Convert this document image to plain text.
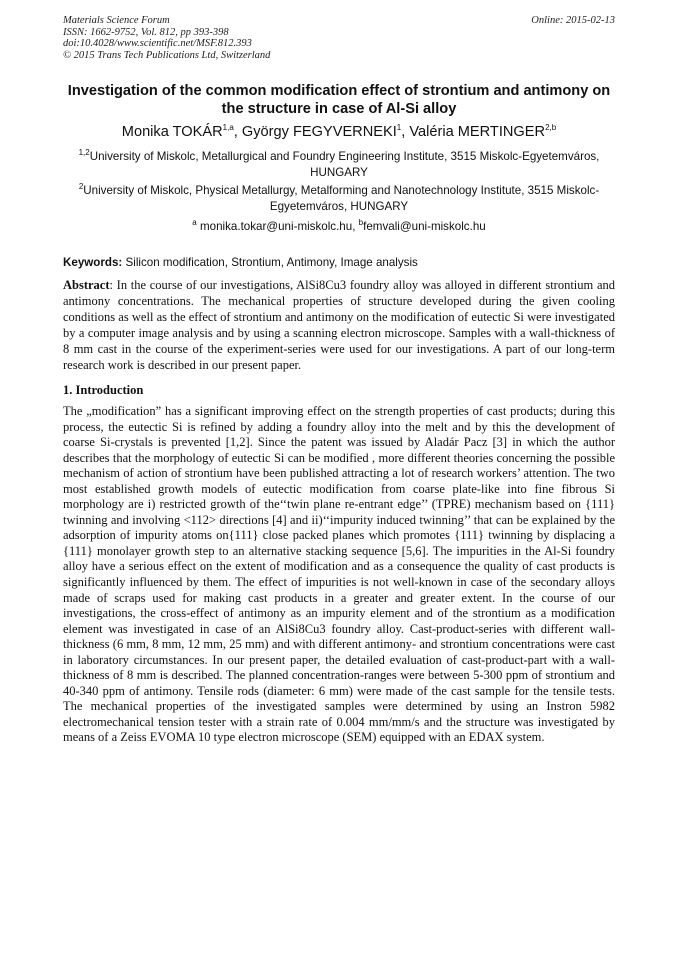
Materials Science Forum
ISSN: 1662-9752, Vol. 812, pp 393-398
doi:10.4028/www.scientific.net/MSF.812.393
© 2015 Trans Tech Publications Ltd, Switzerland
Online: 2015-02-13
Investigation of the common modification effect of strontium and antimony on the structure in case of Al-Si alloy
Monika TOKÁR$^{1,a}$, György FEGYVERNEKI$^1$, Valéria MERTINGER$^{2,b}$
$^{1,2}$University of Miskolc, Metallurgical and Foundry Engineering Institute, 3515 Miskolc-Egyetemváros, HUNGARY
$^2$University of Miskolc, Physical Metallurgy, Metalforming and Nanotechnology Institute, 3515 Miskolc-Egyetemváros, HUNGARY
$^a$ monika.tokar@uni-miskolc.hu, $^b$femvali@uni-miskolc.hu
Keywords: Silicon modification, Strontium, Antimony, Image analysis
Abstract: In the course of our investigations, AlSi8Cu3 foundry alloy was alloyed in different strontium and antimony concentrations. The mechanical properties of structure developed during the given cooling conditions as well as the effect of strontium and antimony on the modification of eutectic Si were investigated by a computer image analysis and by using a scanning electron microscope. Samples with a wall-thickness of 8 mm cast in the course of the experiment-series were used for our investigations. A part of our long-term research work is described in our present paper.
1. Introduction
The „modification” has a significant improving effect on the strength properties of cast products; during this process, the eutectic Si is refined by adding a foundry alloy into the melt and by this the development of coarse Si-crystals is prevented [1,2]. Since the patent was issued by Aladár Pacz [3] in which the author describes that the morphology of eutectic Si can be modified , more different theories concerning the possible mechanism of action of strontium have been published attracting a lot of research workers’ attention. The two most established growth models of eutectic modification from coarse plate-like into fine fibrous Si morphology are i) restricted growth of the‘‘twin plane re-entrant edge’’ (TPRE) mechanism based on {111} twinning and involving <112> directions [4] and ii)‘‘impurity induced twinning’’ that can be explained by the adsorption of impurity atoms on{111} close packed planes which promotes {111} twinning by displacing a {111} monolayer growth step to an alternative stacking sequence [5,6]. The impurities in the Al-Si foundry alloy have a serious effect on the extent of modification and as a consequence the quality of cast products is significantly influenced by them. The effect of impurities is not well-known in case of the secondary alloys made of scraps used for making cast products in a greater and greater extent. In the course of our investigations, the cross-effect of antimony as an impurity element and of the strontium as a modification element was investigated in case of an AlSi8Cu3 foundry alloy. Cast-product-series with different wall-thickness (6 mm, 8 mm, 12 mm, 25 mm) and with different antimony- and strontium concentrations were cast in laboratory circumstances. In our present paper, the detailed evaluation of cast-product-part with a wall-thickness of 8 mm is described. The planned concentration-ranges were between 5-300 ppm of strontium and 40-340 ppm of antimony. Tensile rods (diameter: 6 mm) were made of the cast sample for the tensile tests. The mechanical properties of the investigated samples were determined by using an Instron 5982 electromechanical tension tester with a strain rate of 0.004 mm/mm/s and the structure was investigated by means of a Zeiss EVOMA 10 type electron microscope (SEM) equipped with an EDAX system.
